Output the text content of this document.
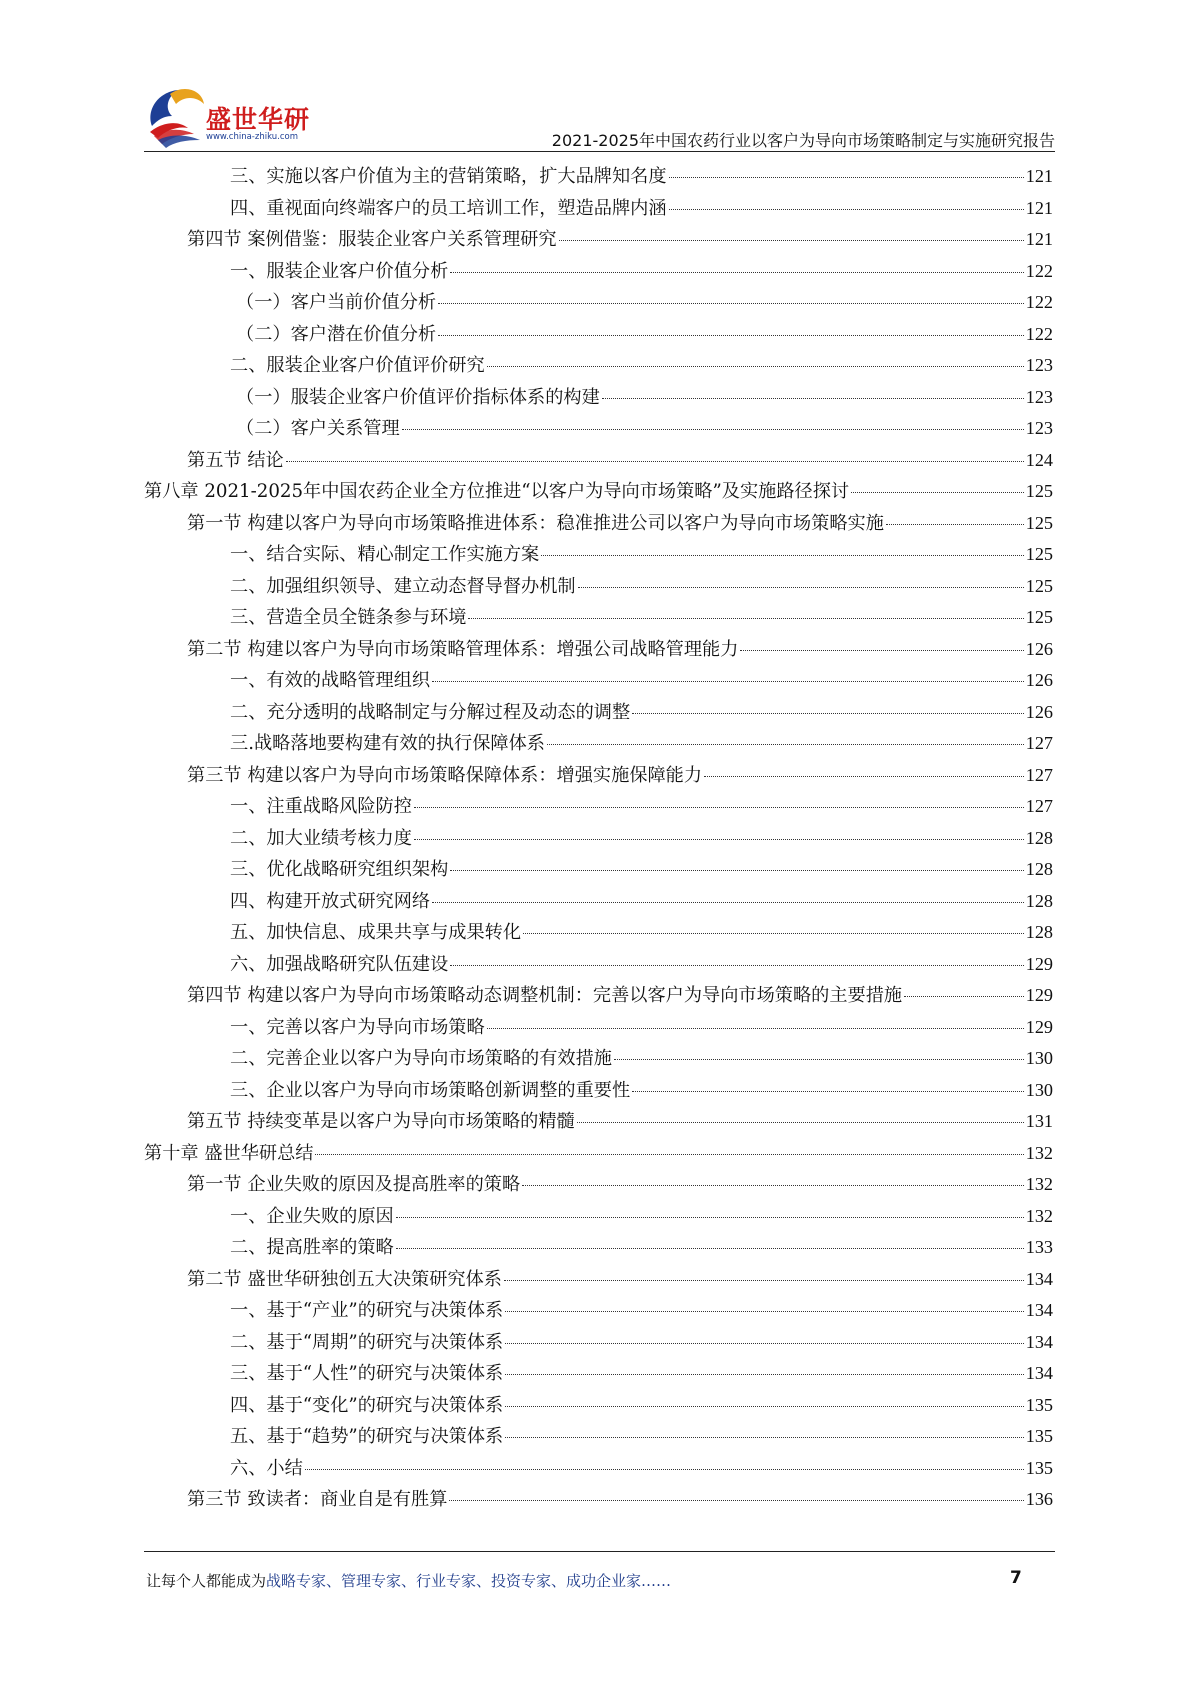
盛世华研
www.china-zhiku.com	2021-2025年中国农药行业以客户为导向市场策略制定与实施研究报告
三、实施以客户价值为主的营销策略，扩大品牌知名度	121
四、重视面向终端客户的员工培训工作，塑造品牌内涵	121
第四节 案例借鉴：服装企业客户关系管理研究	121
一、服装企业客户价值分析	122
（一）客户当前价值分析	122
（二）客户潜在价值分析	122
二、服装企业客户价值评价研究	123
（一）服装企业客户价值评价指标体系的构建	123
（二）客户关系管理	123
第五节 结论	124
第八章 2021-2025年中国农药企业全方位推进“以客户为导向市场策略”及实施路径探讨	125
第一节 构建以客户为导向市场策略推进体系：稳准推进公司以客户为导向市场策略实施	125
一、结合实际、精心制定工作实施方案	125
二、加强组织领导、建立动态督导督办机制	125
三、营造全员全链条参与环境	125
第二节 构建以客户为导向市场策略管理体系：增强公司战略管理能力	126
一、有效的战略管理组织	126
二、充分透明的战略制定与分解过程及动态的调整	126
三.战略落地要构建有效的执行保障体系	127
第三节 构建以客户为导向市场策略保障体系：增强实施保障能力	127
一、注重战略风险防控	127
二、加大业绩考核力度	128
三、优化战略研究组织架构	128
四、构建开放式研究网络	128
五、加快信息、成果共享与成果转化	128
六、加强战略研究队伍建设	129
第四节 构建以客户为导向市场策略动态调整机制：完善以客户为导向市场策略的主要措施	129
一、完善以客户为导向市场策略	129
二、完善企业以客户为导向市场策略的有效措施	130
三、企业以客户为导向市场策略创新调整的重要性	130
第五节 持续变革是以客户为导向市场策略的精髓	131
第十章 盛世华研总结	132
第一节 企业失败的原因及提高胜率的策略	132
一、企业失败的原因	132
二、提高胜率的策略	133
第二节 盛世华研独创五大决策研究体系	134
一、基于“产业”的研究与决策体系	134
二、基于“周期”的研究与决策体系	134
三、基于“人性”的研究与决策体系	134
四、基于“变化”的研究与决策体系	135
五、基于“趋势”的研究与决策体系	135
六、小结	135
第三节 致读者：商业自是有胜算	136
让每个人都能成为战略专家、管理专家、行业专家、投资专家、成功企业家……	7
